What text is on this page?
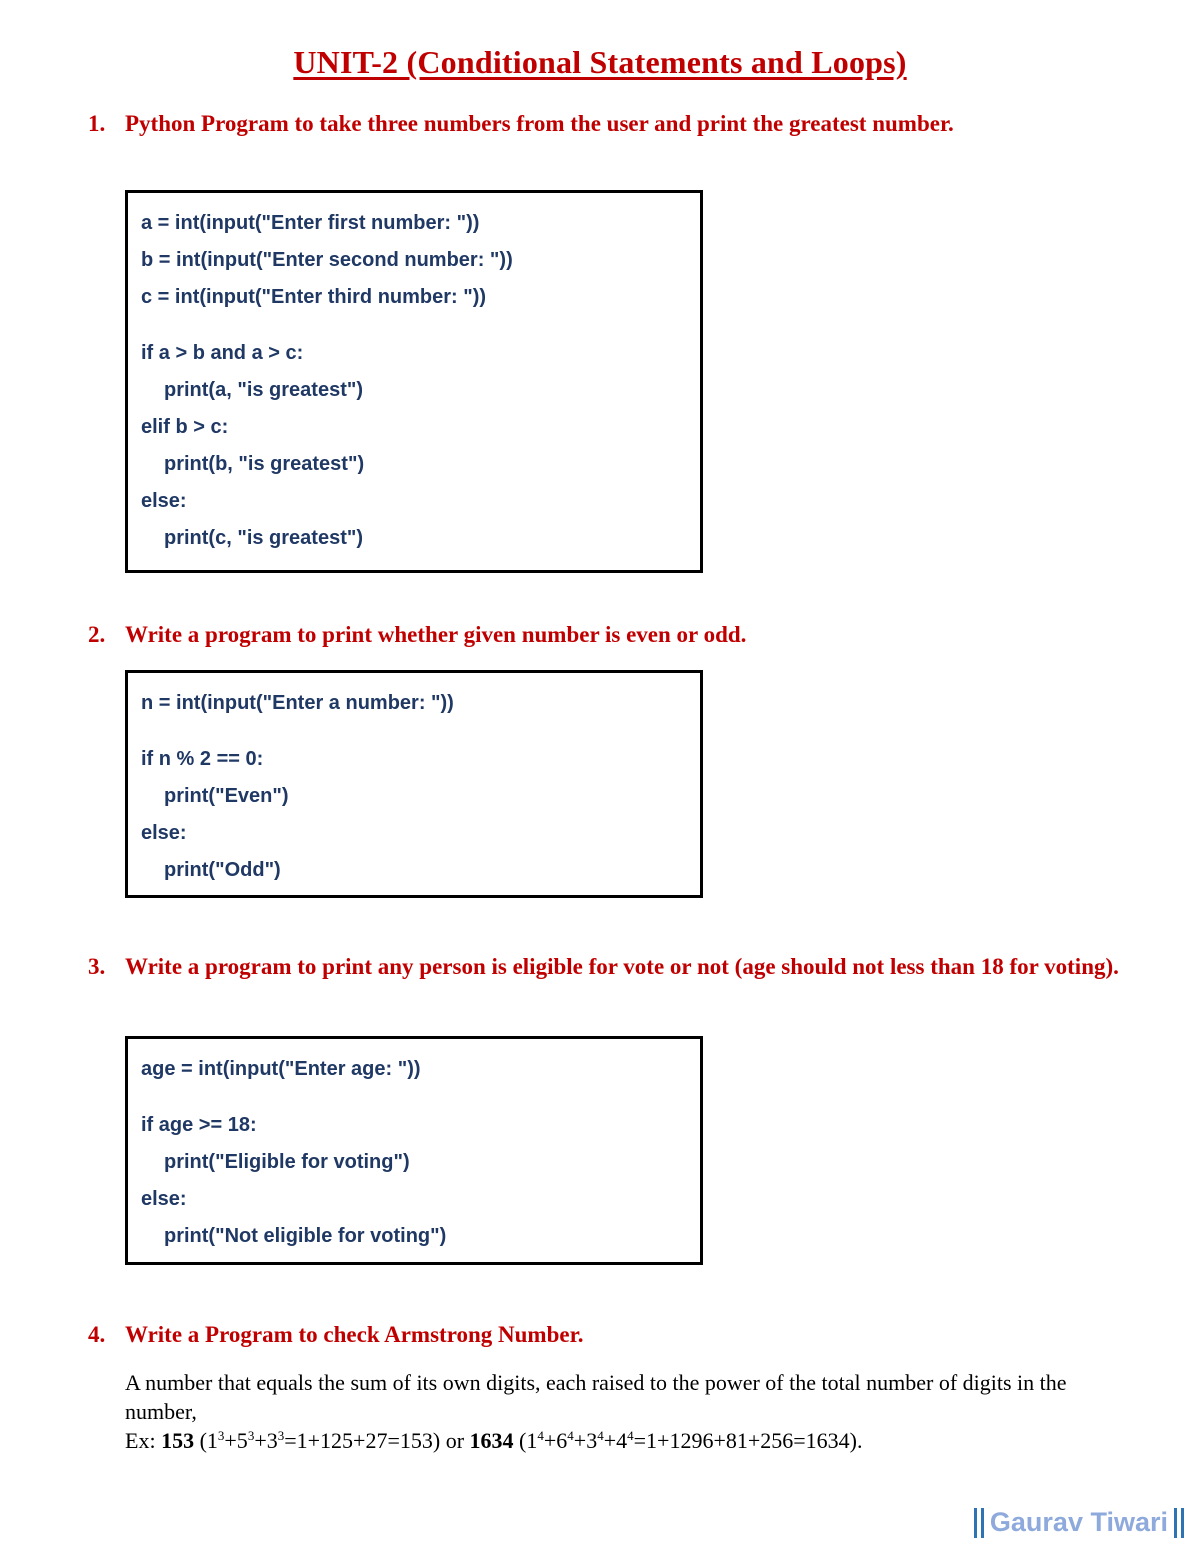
UNIT-2 (Conditional Statements and Loops)
1. Python Program to take three numbers from the user and print the greatest number.
a = int(input("Enter first number: "))
b = int(input("Enter second number: "))
c = int(input("Enter third number: "))
if a > b and a > c:
print(a, "is greatest")
elif b > c:
print(b, "is greatest")
else:
print(c, "is greatest")
2. Write a program to print whether given number is even or odd.
n = int(input("Enter a number: "))
if n % 2 == 0:
print("Even")
else:
print("Odd")
3. Write a program to print any person is eligible for vote or not (age should not less than 18 for voting).
age = int(input("Enter age: "))
if age >= 18:
print("Eligible for voting")
else:
print("Not eligible for voting")
4. Write a Program to check Armstrong Number.
A number that equals the sum of its own digits, each raised to the power of the total number of digits in the number,
Ex: 153 $(1^3+5^3+3^3=1+125+27=153)$ or 1634 $(1^4+6^4+3^4+4^4=1+1296+81+256=1634)$.
Gaurav Tiwari
